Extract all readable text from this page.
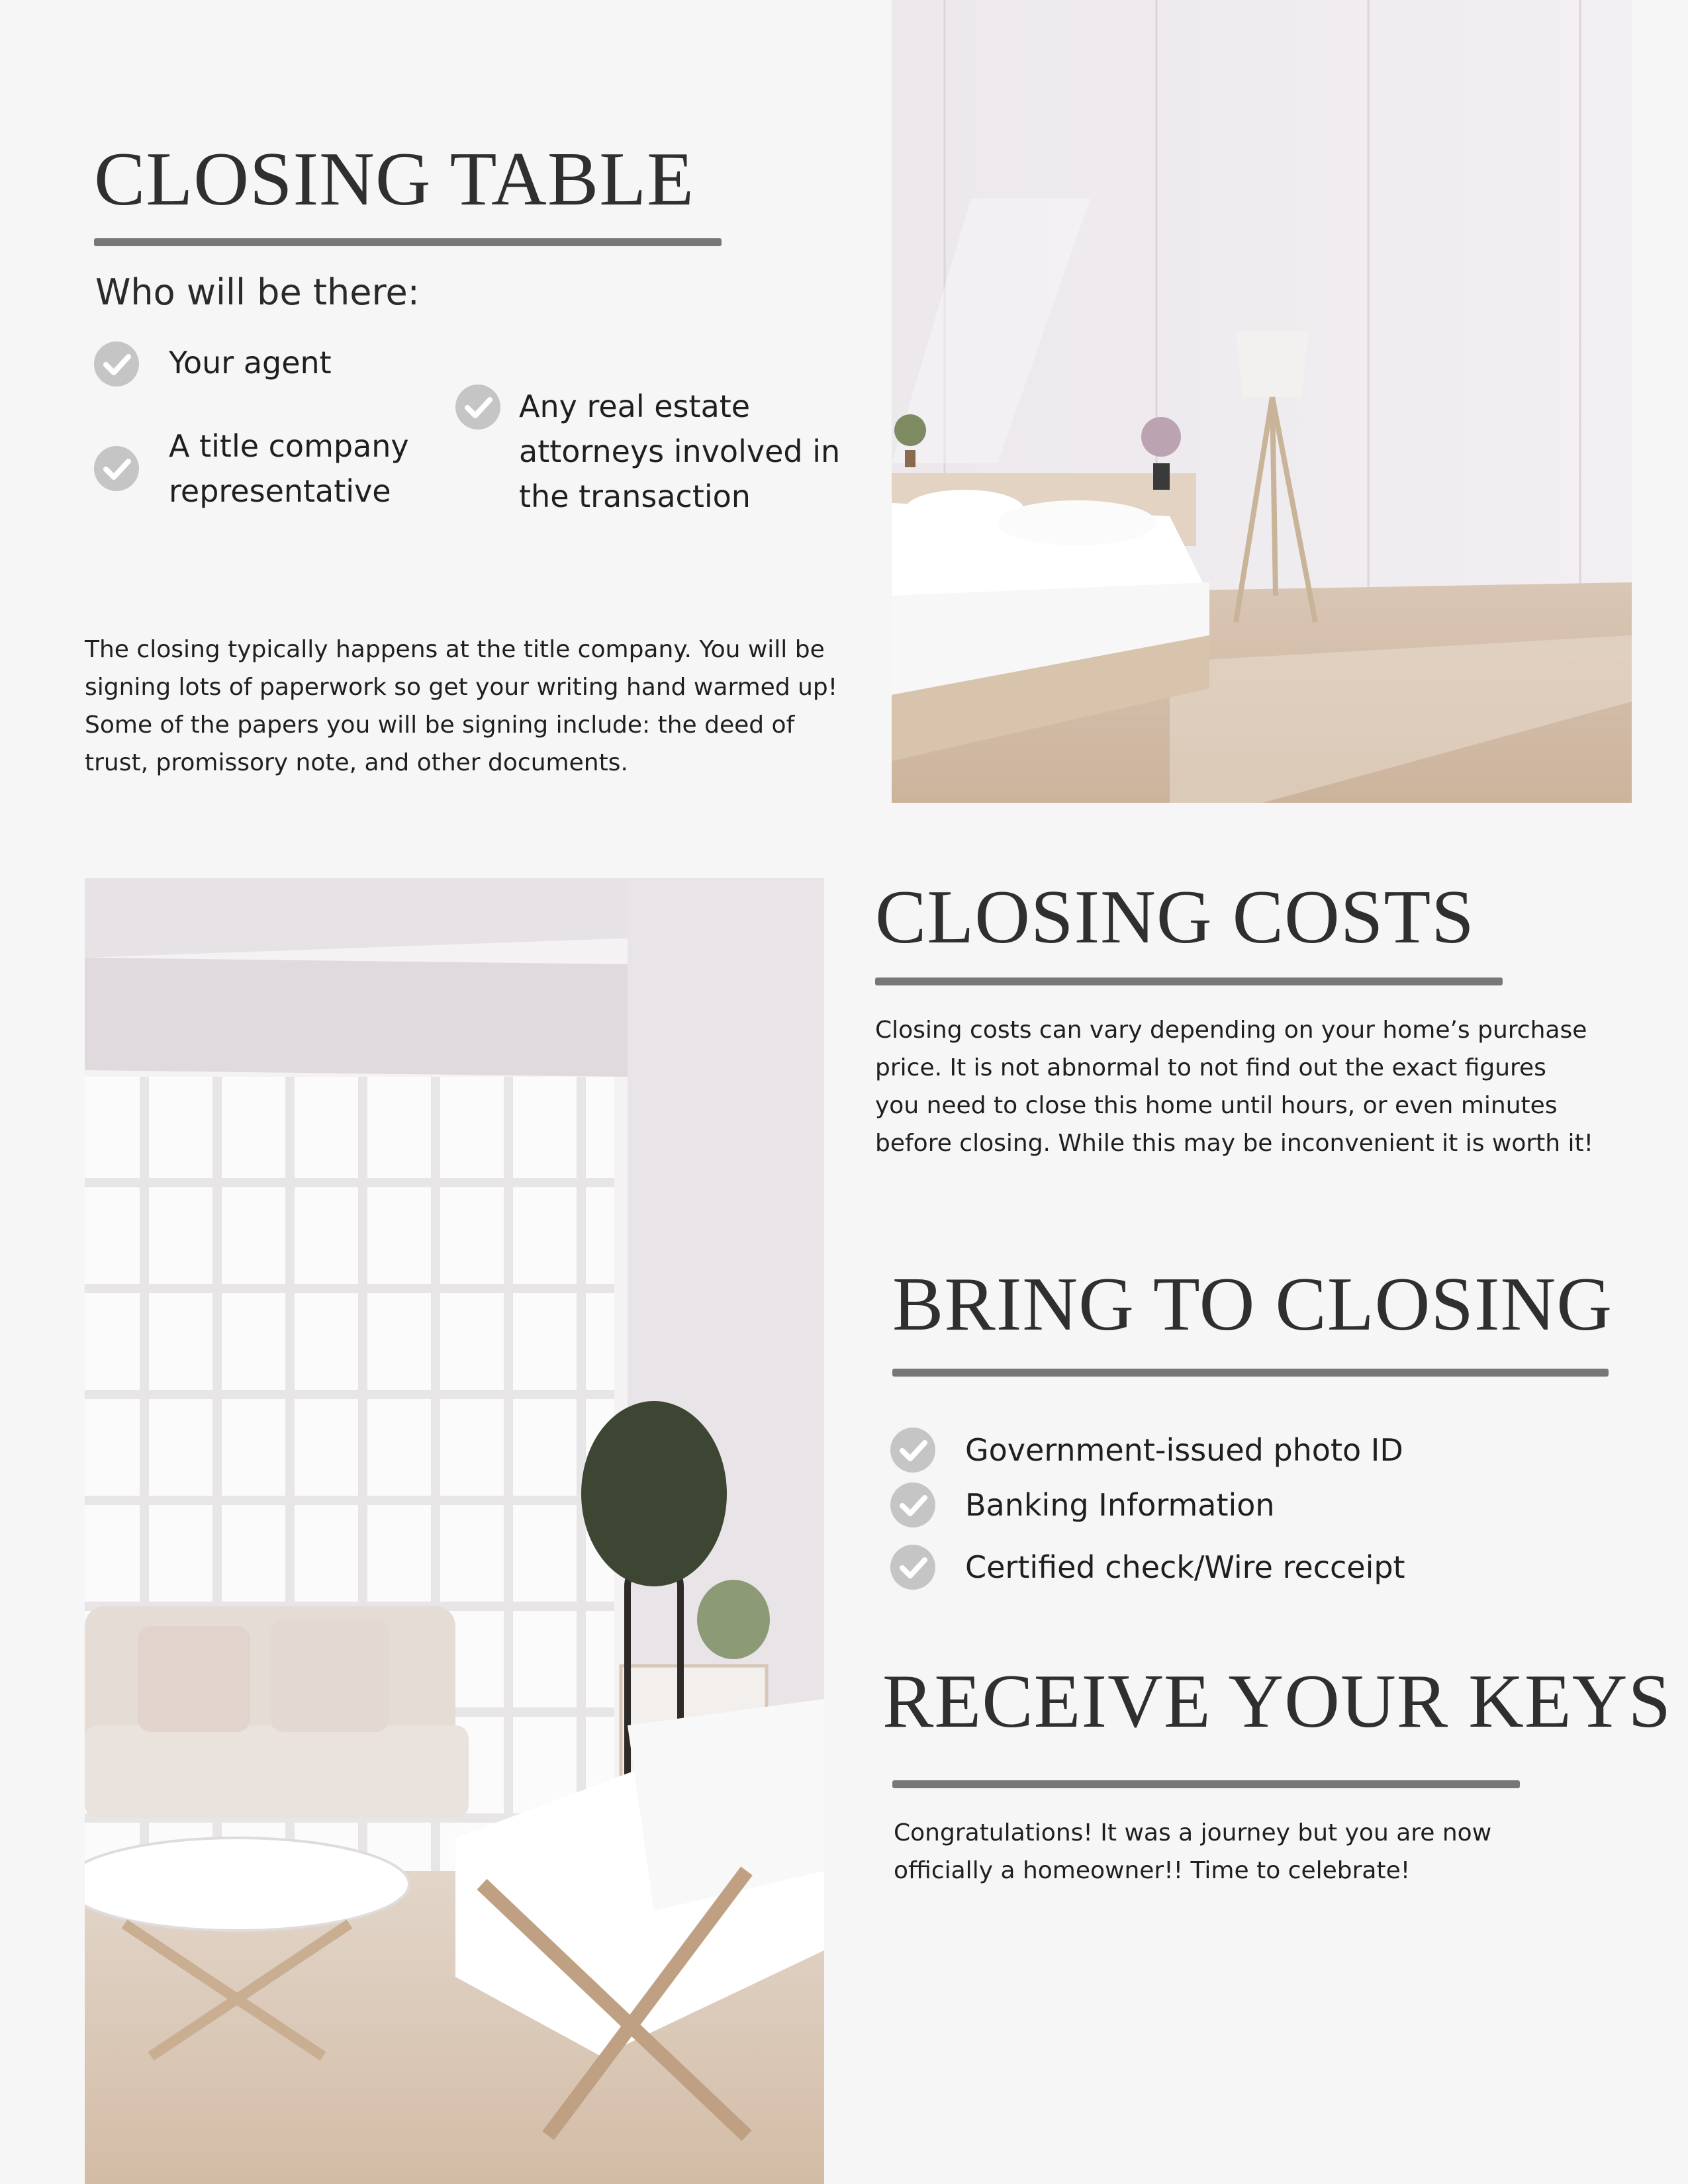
CLOSING TABLE
Who will be there:
Your agent
A title company representative
Any real estate attorneys involved in the transaction

The closing typically happens at the title company. You will be signing lots of paperwork so get your writing hand warmed up! Some of the papers you will be signing include: the deed of trust, promissory note, and other documents.

CLOSING COSTS

Closing costs can vary depending on your home’s purchase price. It is not abnormal to not find out the exact figures you need to close this home until hours, or even minutes before closing. While this may be inconvenient it is worth it!

BRING TO CLOSING
Government-issued photo ID
Banking Information
Certified check/Wire recceipt
RECEIVE YOUR KEYS

Congratulations! It was a journey but you are now officially a homeowner!! Time to celebrate!
